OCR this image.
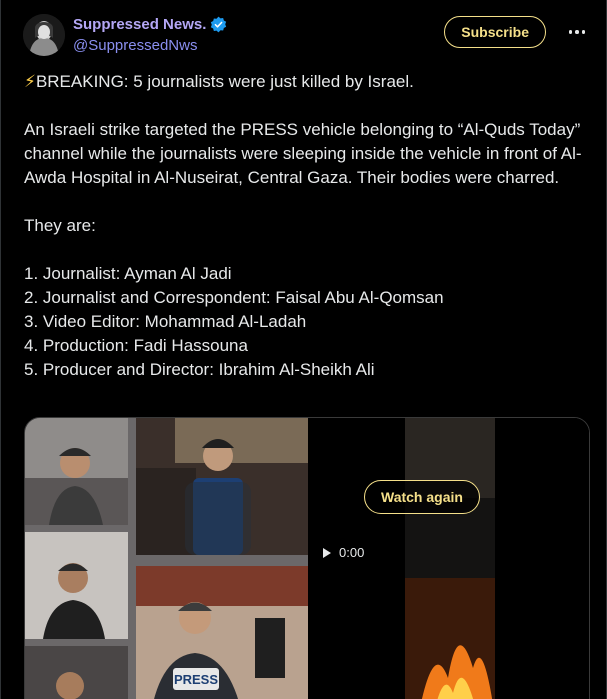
Suppressed News.
@SuppressedNws
Subscribe

⚡BREAKING: 5 journalists were just killed by Israel.

An Israeli strike targeted the PRESS vehicle belonging to “Al-Quds Today” channel while the journalists were sleeping inside the vehicle in front of Al-Awda Hospital in Al-Nuseirat, Central Gaza. Their bodies were charred.

They are:

1. Journalist: Ayman Al Jadi

2. Journalist and Correspondent: Faisal Abu Al-Qomsan

3. Video Editor: Mohammad Al-Ladah

4. Production: Fadi Hassouna

5. Producer and Director: Ibrahim Al-Sheikh Ali

PRESS
Watch again
0:00
